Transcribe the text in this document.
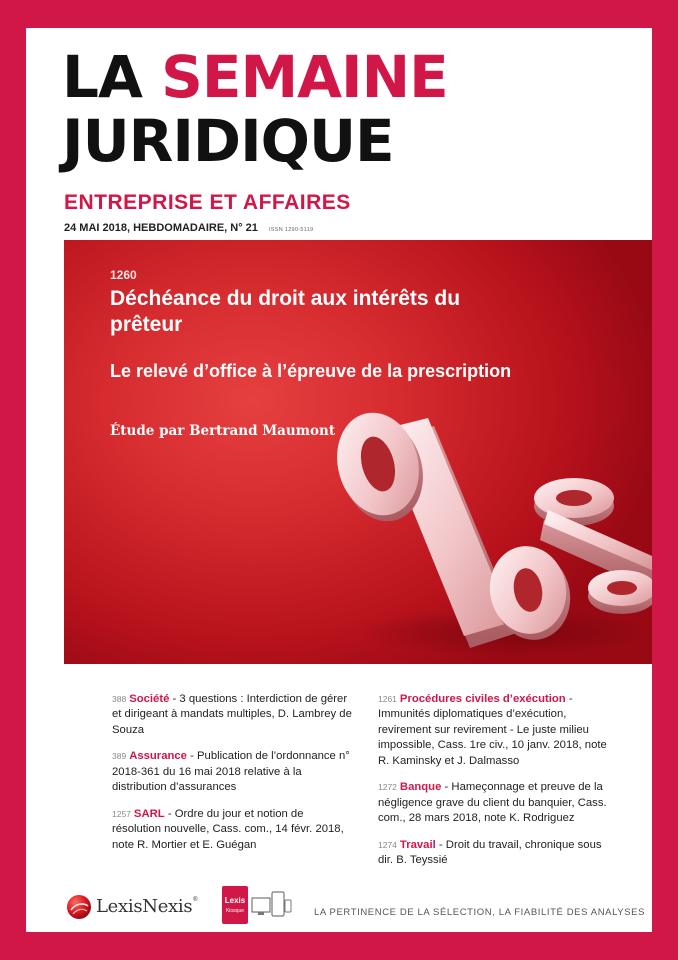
LA SEMAINE
JURIDIQUE
ENTREPRISE ET AFFAIRES
24 MAI 2018, HEBDOMADAIRE, N° 21 ISSN 1290-5119
1260
Déchéance du droit aux intérêts du prêteur
Le relevé d’office à l’épreuve de la prescription
Étude par Bertrand Maumont
388 Société - 3 questions : Interdiction de gérer et dirigeant à mandats multiples, D. Lambrey de Souza
389 Assurance - Publication de l’ordonnance n° 2018-361 du 16 mai 2018 relative à la distribution d’assurances
1257 SARL - Ordre du jour et notion de résolution nouvelle, Cass. com., 14 févr. 2018, note R. Mortier et E. Guégan
1261 Procédures civiles d’exécution - Immunités diplomatiques d’exécution, revirement sur revirement - Le juste milieu impossible, Cass. 1re civ., 10 janv. 2018, note R. Kaminsky et J. Dalmasso
1272 Banque - Hameçonnage et preuve de la négligence grave du client du banquier, Cass. com., 28 mars 2018, note K. Rodriguez
1274 Travail - Droit du travail, chronique sous dir. B. Teyssié
LexisNexis®	Lexis
Kiosque	LA PERTINENCE DE LA SÉLECTION, LA FIABILITÉ DES ANALYSES
